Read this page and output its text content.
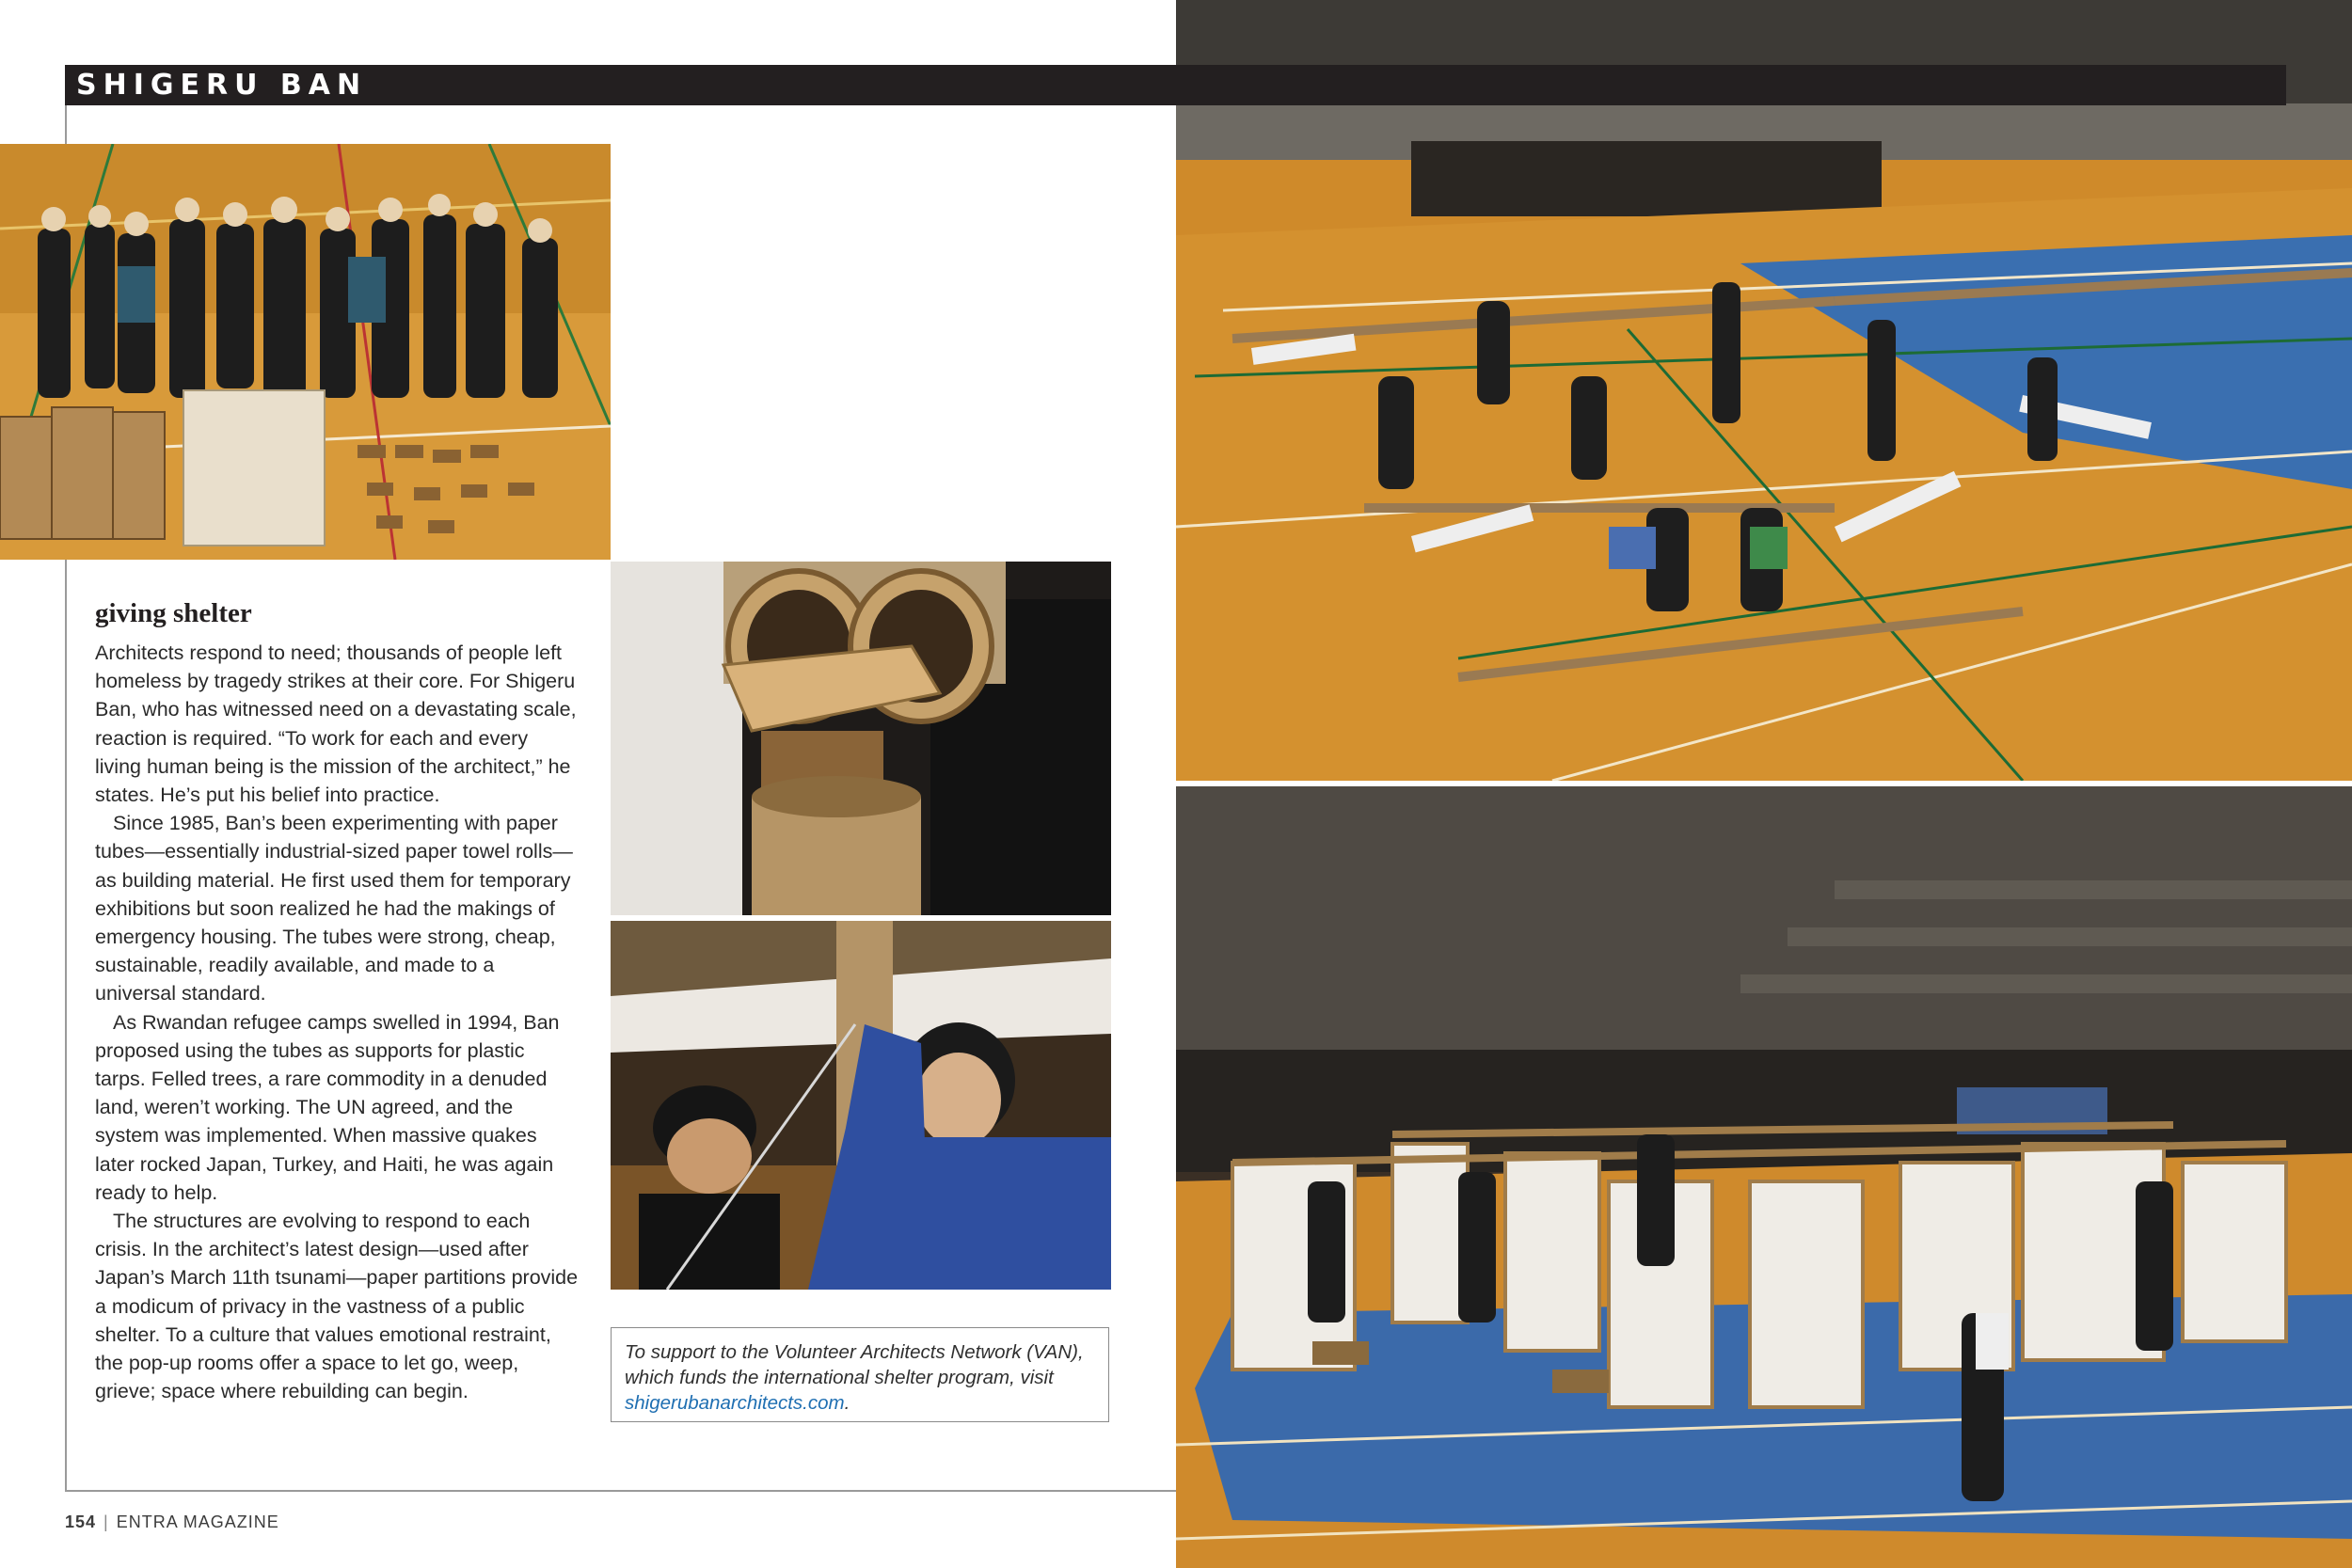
SHIGERU BAN
giving shelter

Architects respond to need; thousands of people left homeless by tragedy strikes at their core. For Shigeru Ban, who has witnessed need on a devastating scale, reaction is required. “To work for each and every living human being is the mission of the architect,” he states. He’s put his belief into practice.

Since 1985, Ban’s been experimenting with paper tubes—essentially industrial-sized paper towel rolls—as building material. He first used them for temporary exhibitions but soon realized he had the makings of emergency housing. The tubes were strong, cheap, sustainable, readily available, and made to a universal standard.

As Rwandan refugee camps swelled in 1994, Ban proposed using the tubes as supports for plastic tarps. Felled trees, a rare commodity in a denuded land, weren’t working. The UN agreed, and the system was implemented. When massive quakes later rocked Japan, Turkey, and Haiti, he was again ready to help.

The structures are evolving to respond to each crisis. In the architect’s latest design—used after Japan’s March 11th tsunami—paper partitions provide a modicum of privacy in the vastness of a public shelter. To a culture that values emotional restraint, the pop-up rooms offer a space to let go, weep, grieve; space where rebuilding can begin.

To support to the Volunteer Architects Network (VAN), which funds the international shelter program, visit shigerubanarchitects.com.
154 | ENTRA MAGAZINE
